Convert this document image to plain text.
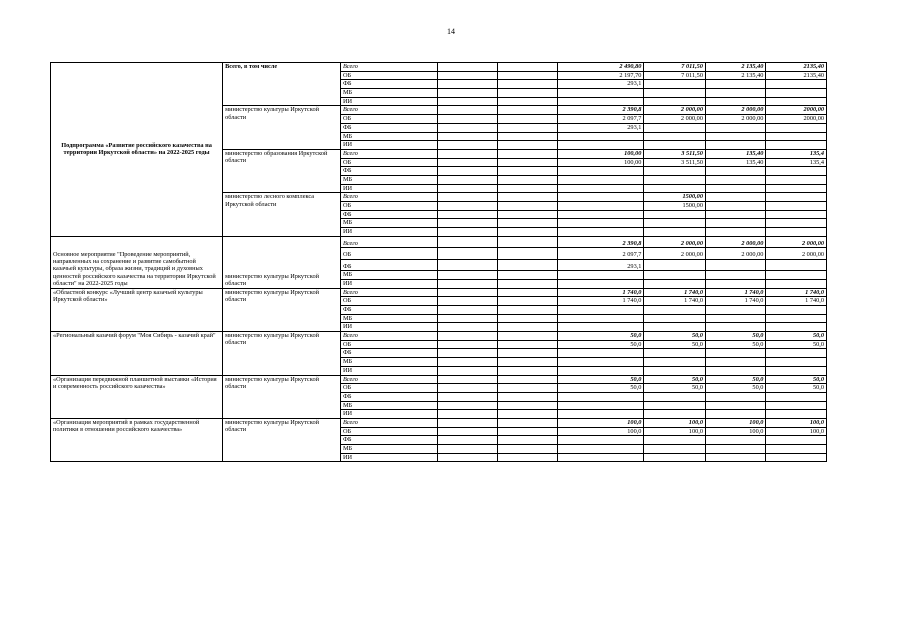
14
Подпрограмма «Развитие российского казачества на территории Иркутской области» на 2022-2025 годы	Всего, в том числе	Всего			2 490,80	7 011,50	2 135,40	2135,40
		ОБ			2 197,70	7 011,50	2 135,40	2135,40
		ФБ			293,1			
		МБ						
		ИИ						
	министерство культуры Иркутской области	Всего			2 390,8	2 000,00	2 000,00	2000,00
		ОБ			2 097,7	2 000,00	2 000,00	2000,00
		ФБ			293,1			
		МБ						
		ИИ						
	министерство образования Иркутской области	Всего			100,00	3 511,50	135,40	135,4
		ОБ			100,00	3 511,50	135,40	135,4
		ФБ						
		МБ						
		ИИ						
	министерство лесного комплекса Иркутской области	Всего				1500,00		
		ОБ				1500,00		
		ФБ						
		МБ						
		ИИ						
Основное мероприятие "Проведение мероприятий, направленных на сохранение и развитие самобытной казачьей культуры, образа жизни, традиций и духовных ценностей российского казачества на территории Иркутской области" на 2022-2025 годы	министерство культуры Иркутской области	Всего			2 390,8	2 000,00	2 000,00	2 000,00
		ОБ			2 097,7	2 000,00	2 000,00	2 000,00
		ФБ			293,1			
		МБ						
		ИИ						
«Областной конкурс «Лучший центр казачьей культуры Иркутской области»	министерство культуры Иркутской области	Всего			1 740,0	1 740,0	1 740,0	1 740,0
		ОБ			1 740,0	1 740,0	1 740,0	1 740,0
		ФБ						
		МБ						
		ИИ						
«Региональный казачий форум "Моя Сибирь - казачий край"	министерство культуры Иркутской области	Всего			50,0	50,0	50,0	50,0
		ОБ			50,0	50,0	50,0	50,0
		ФБ						
		МБ						
		ИИ						
«Организация передвижной планшетной выставки «История и современность российского казачества»	министерство культуры Иркутской области	Всего			50,0	50,0	50,0	50,0
		ОБ			50,0	50,0	50,0	50,0
		ФБ						
		МБ						
		ИИ						
«Организация мероприятий в рамках государственной политики в отношении российского казачества»	министерство культуры Иркутской области	Всего			100,0	100,0	100,0	100,0
		ОБ			100,0	100,0	100,0	100,0
		ФБ						
		МБ						
		ИИ						
